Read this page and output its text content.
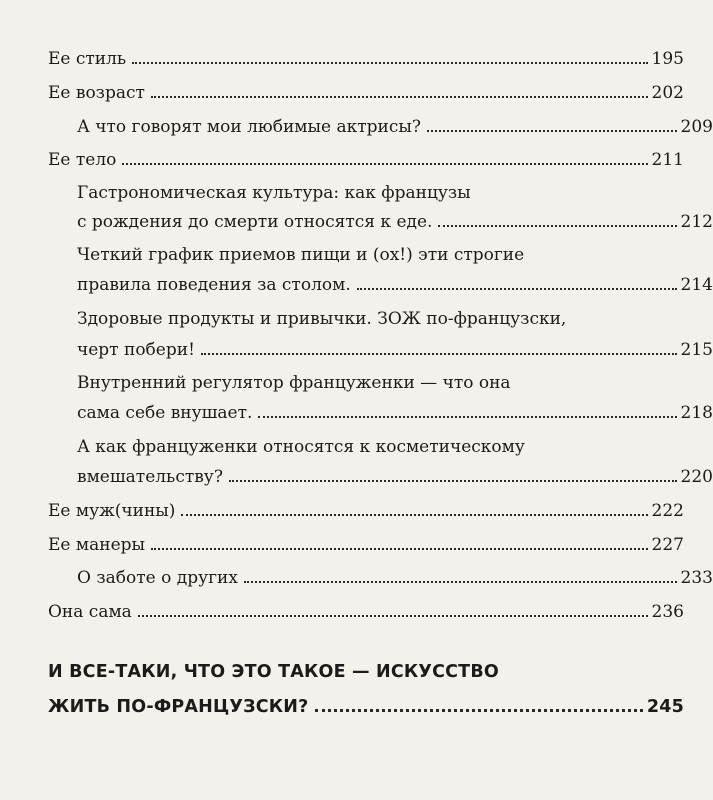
Ее стиль	195
Ее возраст	202
А что говорят мои любимые актрисы?	209
Ее тело	211
Гастрономическая культура: как французы
с рождения до смерти относятся к еде.	212
Четкий график приемов пищи и (ох!) эти строгие
правила поведения за столом.	214
Здоровые продукты и привычки. ЗОЖ по-французски,
черт побери!	215
Внутренний регулятор француженки — что она
сама себе внушает.	218
А как француженки относятся к косметическому
вмешательству?	220
Ее муж(чины)	222
Ее манеры	227
О заботе о других	233
Она сама	236
И ВСЕ-ТАКИ, ЧТО ЭТО ТАКОЕ — ИСКУССТВО
ЖИТЬ ПО-ФРАНЦУЗСКИ?	245
